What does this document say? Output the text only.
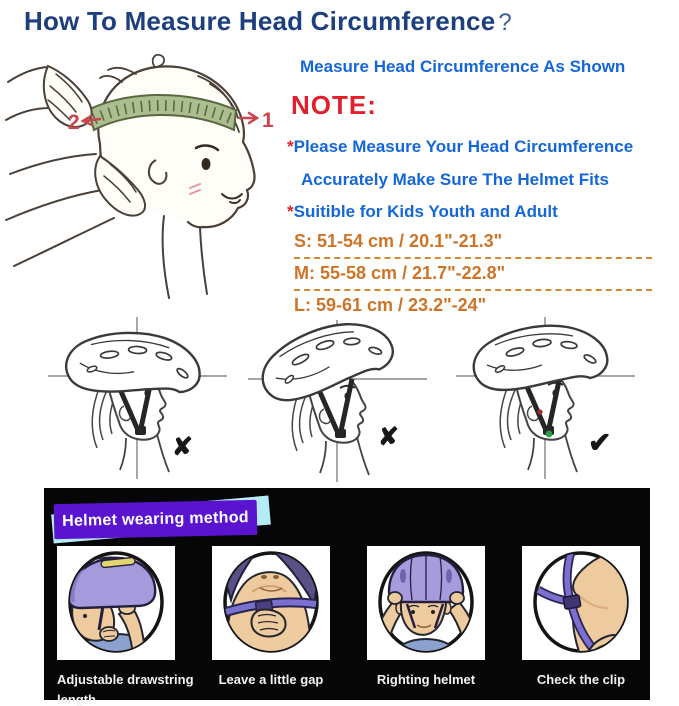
How To Measure Head Circumference ?
2	1
Measure Head Circumference As Shown
NOTE:
*Please Measure Your Head Circumference
Accurately Make Sure The Helmet Fits
*Suitible for Kids Youth and Adult
S: 51-54 cm / 20.1"-21.3"
M: 55-58 cm / 21.7"-22.8"
L: 59-61 cm / 23.2"-24"
✘	✘	✔
Helmet wearing method
Adjustable drawstring length
Leave a little gap	Righting helmet	Check the clip
